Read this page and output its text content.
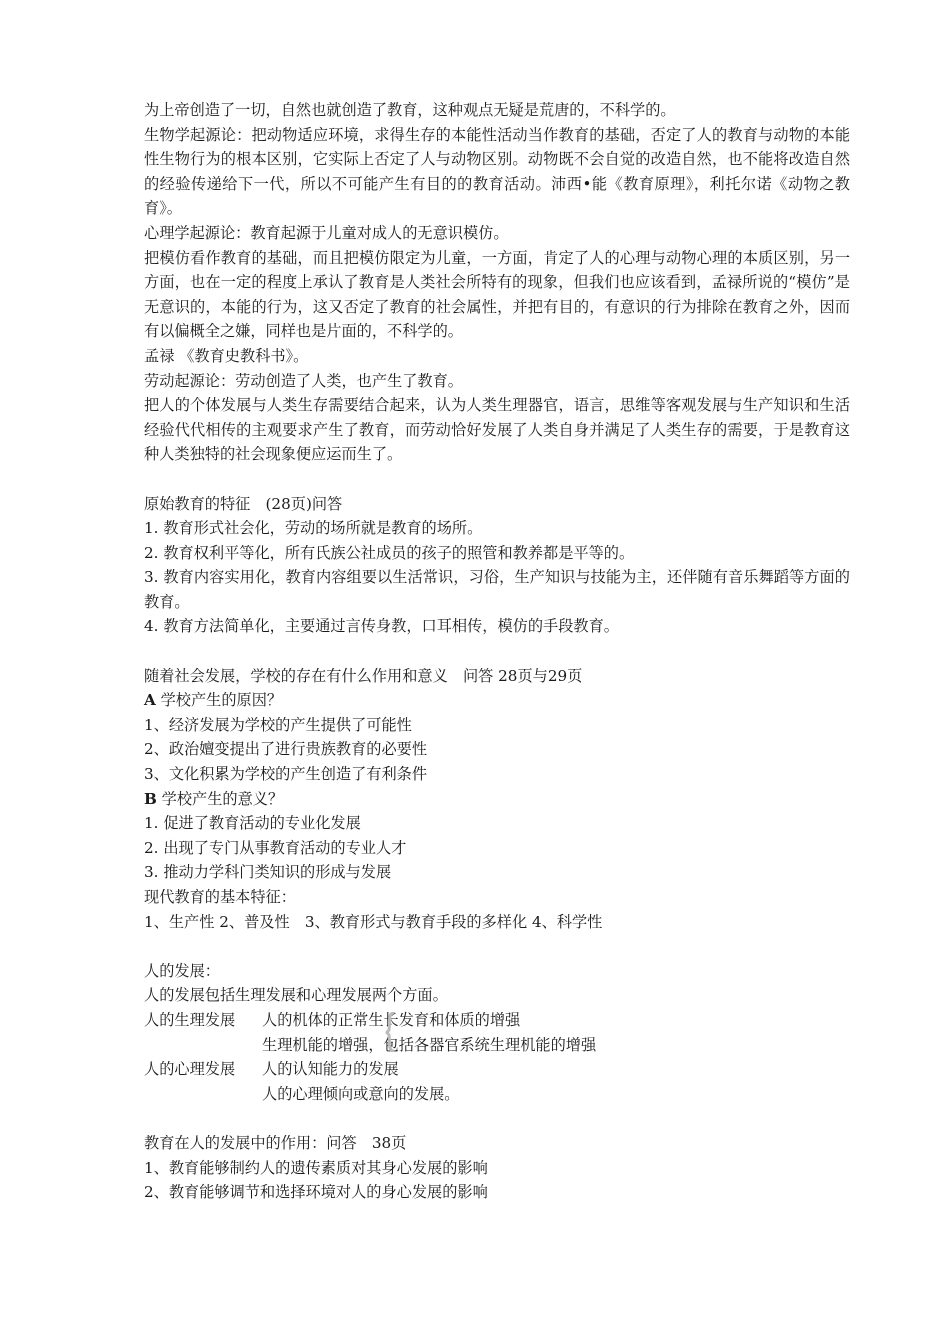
为上帝创造了一切，自然也就创造了教育，这种观点无疑是荒唐的，不科学的。

生物学起源论：把动物适应环境，求得生存的本能性活动当作教育的基础，否定了人的教育与动物的本能性生物行为的根本区别，它实际上否定了人与动物区别。动物既不会自觉的改造自然，也不能将改造自然的经验传递给下一代，所以不可能产生有目的的教育活动。沛西•能《教育原理》，利托尔诺《动物之教育》。

心理学起源论：教育起源于儿童对成人的无意识模仿。

把模仿看作教育的基础，而且把模仿限定为儿童，一方面，肯定了人的心理与动物心理的本质区别，另一方面，也在一定的程度上承认了教育是人类社会所特有的现象，但我们也应该看到，孟禄所说的“模仿”是无意识的，本能的行为，这又否定了教育的社会属性，并把有目的，有意识的行为排除在教育之外，因而有以偏概全之嫌，同样也是片面的，不科学的。

孟禄 《教育史教科书》。

劳动起源论：劳动创造了人类，也产生了教育。

把人的个体发展与人类生存需要结合起来，认为人类生理器官，语言，思维等客观发展与生产知识和生活经验代代相传的主观要求产生了教育，而劳动恰好发展了人类自身并满足了人类生存的需要，于是教育这种人类独特的社会现象便应运而生了。

原始教育的特征　(28页)问答

1. 教育形式社会化，劳动的场所就是教育的场所。

2. 教育权利平等化，所有氏族公社成员的孩子的照管和教养都是平等的。

3. 教育内容实用化，教育内容组要以生活常识，习俗，生产知识与技能为主，还伴随有音乐舞蹈等方面的教育。

4. 教育方法简单化，主要通过言传身教，口耳相传，模仿的手段教育。

随着社会发展，学校的存在有什么作用和意义　问答 28页与29页

A 学校产生的原因？

1、经济发展为学校的产生提供了可能性

2、政治嬗变提出了进行贵族教育的必要性

3、文化积累为学校的产生创造了有利条件

B 学校产生的意义？

1. 促进了教育活动的专业化发展

2. 出现了专门从事教育活动的专业人才

3. 推动力学科门类知识的形成与发展

现代教育的基本特征：

1、生产性 2、普及性　3、教育形式与教育手段的多样化 4、科学性

人的发展：

人的发展包括生理发展和心理发展两个方面。

人的生理发展	人的机体的正常生长发育和体质的增强
生理机能的增强，包括各器官系统生理机能的增强
人的心理发展	人的认知能力的发展
人的心理倾向或意向的发展。

教育在人的发展中的作用：问答　38页

1、教育能够制约人的遗传素质对其身心发展的影响

2、教育能够调节和选择环境对人的身心发展的影响
